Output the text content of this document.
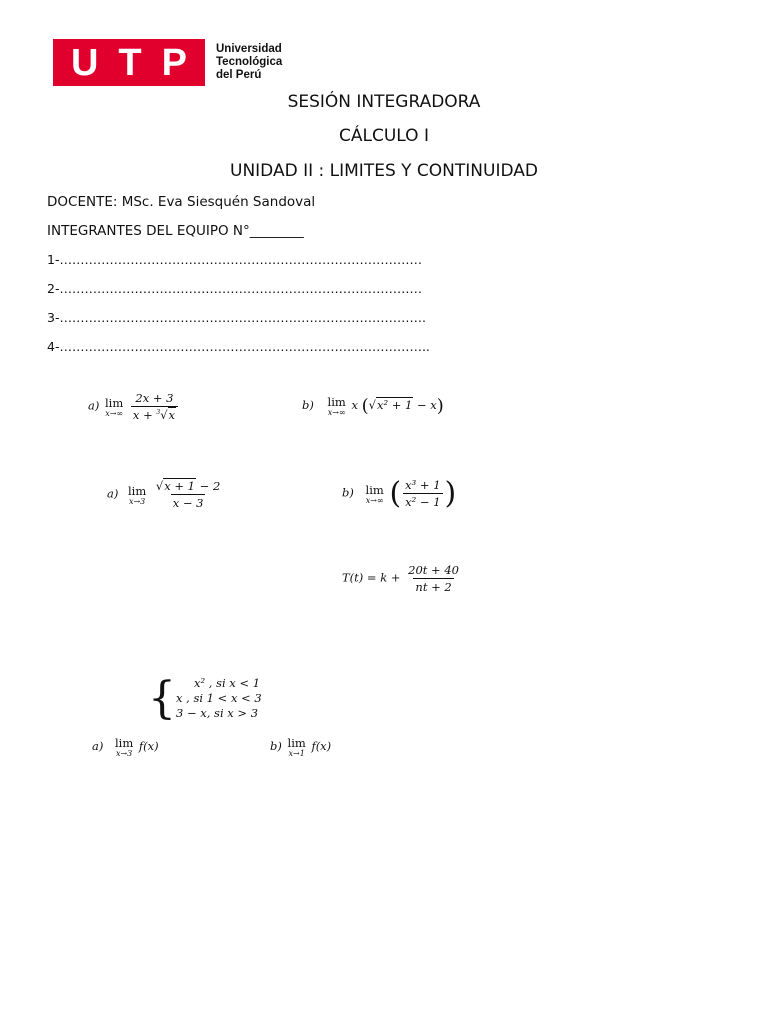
U T P	Universidad
Tecnológica
del Perú
SESIÓN INTEGRADORA
CÁLCULO I
UNIDAD II : LIMITES Y CONTINUIDAD
DOCENTE: MSc. Eva Siesquén Sandoval
INTEGRANTES DEL EQUIPO N°________
1-……………………………………………………………………………
2-……………………………………………………………………………
3-…………………………………………………………………………….
4-……………………………………………………………………………..
a) lim
x→∞
$\frac{2x + 3}{x + ^3√x}$	b) lim
x→∞
x (√x² + 1 − x)
a) lim
x→3
$\frac{√x + 1 - 2}{x - 3}$	b) lim
x→∞ ( $\frac{\text{x³ + 1}}{\text{x² − 1}}$ )
$T(t) = k + \frac{20t + 40}{nt + 2}$
{	x² , si x < 1
x , si 1 < x < 3
3 − x, si x > 3
a) lim
x→3
f(x)	b) lim
x→1
f(x)
